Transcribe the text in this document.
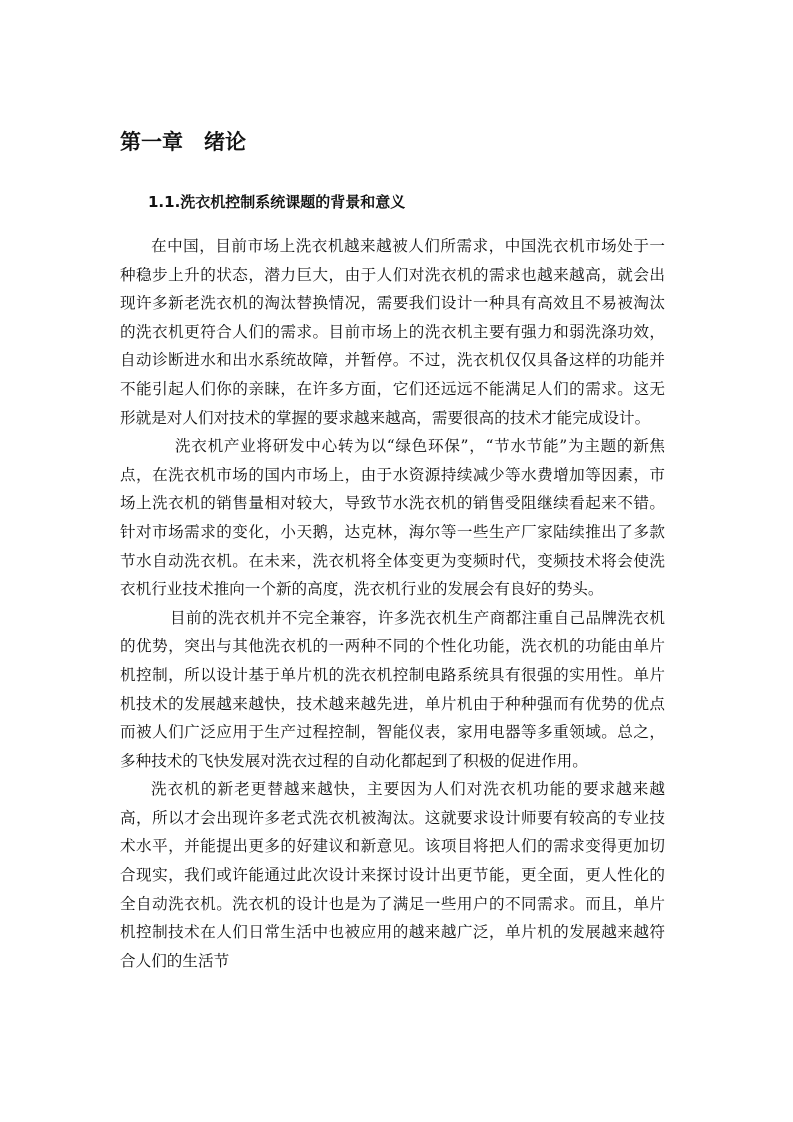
第一章　绪论
1.1.洗衣机控制系统课题的背景和意义

在中国，目前市场上洗衣机越来越被人们所需求，中国洗衣机市场处于一种稳步上升的状态，潜力巨大，由于人们对洗衣机的需求也越来越高，就会出现许多新老洗衣机的淘汰替换情况，需要我们设计一种具有高效且不易被淘汰的洗衣机更符合人们的需求。目前市场上的洗衣机主要有强力和弱洗涤功效，自动诊断进水和出水系统故障，并暂停。不过，洗衣机仅仅具备这样的功能并不能引起人们你的亲睐，在许多方面，它们还远远不能满足人们的需求。这无形就是对人们对技术的掌握的要求越来越高，需要很高的技术才能完成设计。

洗衣机产业将研发中心转为以“绿色环保”，“节水节能”为主题的新焦点，在洗衣机市场的国内市场上，由于水资源持续减少等水费增加等因素，市场上洗衣机的销售量相对较大，导致节水洗衣机的销售受阻继续看起来不错。针对市场需求的变化，小天鹅，达克林，海尔等一些生产厂家陆续推出了多款节水自动洗衣机。在未来，洗衣机将全体变更为变频时代，变频技术将会使洗衣机行业技术推向一个新的高度，洗衣机行业的发展会有良好的势头。

目前的洗衣机并不完全兼容，许多洗衣机生产商都注重自己品牌洗衣机的优势，突出与其他洗衣机的一两种不同的个性化功能，洗衣机的功能由单片机控制，所以设计基于单片机的洗衣机控制电路系统具有很强的实用性。单片机技术的发展越来越快，技术越来越先进，单片机由于种种强而有优势的优点而被人们广泛应用于生产过程控制，智能仪表，家用电器等多重领域。总之，多种技术的飞快发展对洗衣过程的自动化都起到了积极的促进作用。

洗衣机的新老更替越来越快，主要因为人们对洗衣机功能的要求越来越高，所以才会出现许多老式洗衣机被淘汰。这就要求设计师要有较高的专业技术水平，并能提出更多的好建议和新意见。该项目将把人们的需求变得更加切合现实，我们或许能通过此次设计来探讨设计出更节能，更全面，更人性化的全自动洗衣机。洗衣机的设计也是为了满足一些用户的不同需求。而且，单片机控制技术在人们日常生活中也被应用的越来越广泛，单片机的发展越来越符合人们的生活节
